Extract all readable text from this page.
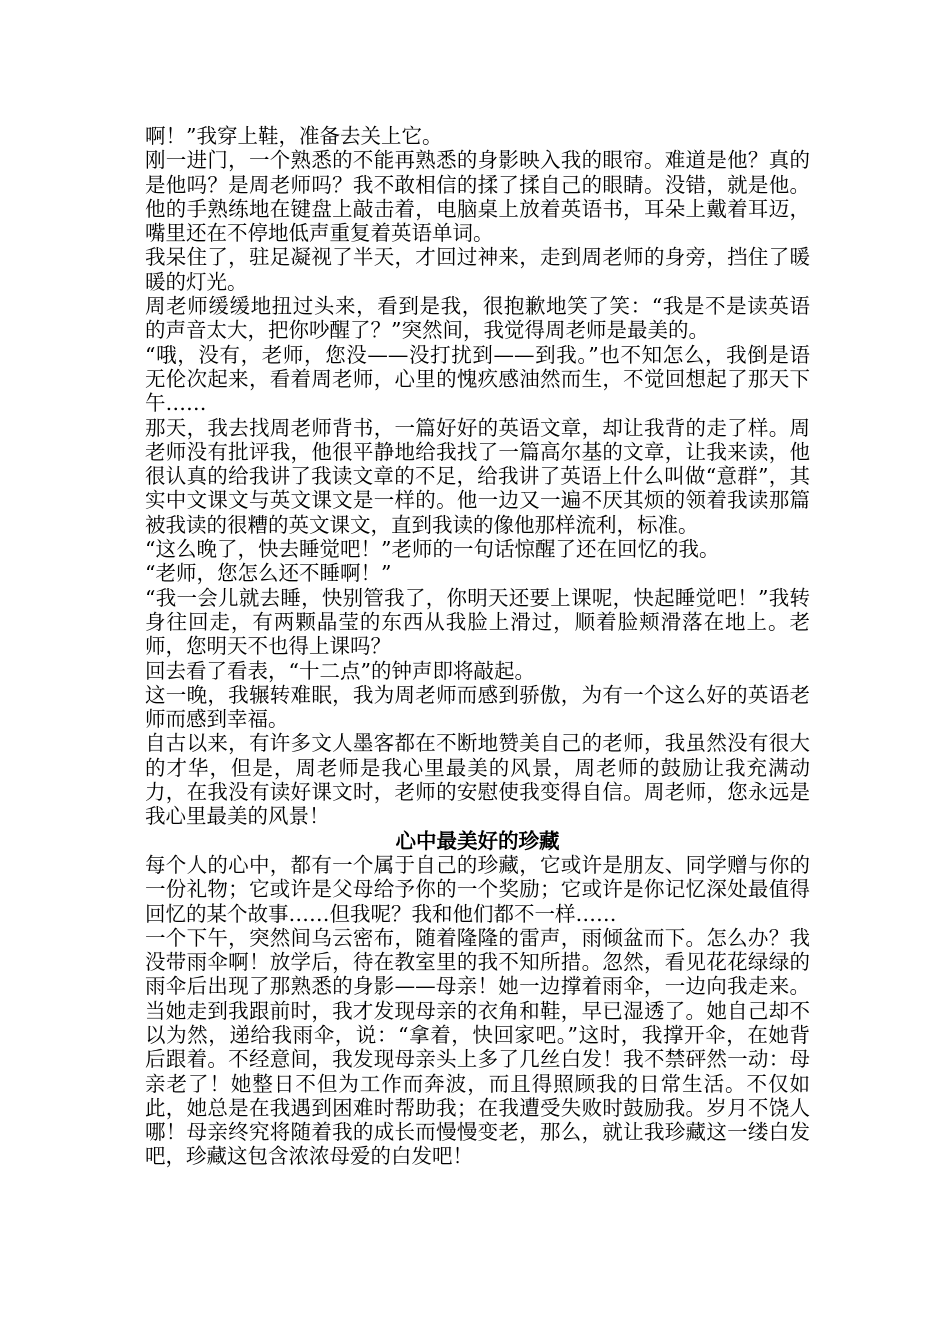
啊！”我穿上鞋，准备去关上它。

刚一进门，一个熟悉的不能再熟悉的身影映入我的眼帘。难道是他？真的是他吗？是周老师吗？我不敢相信的揉了揉自己的眼睛。没错，就是他。他的手熟练地在键盘上敲击着，电脑桌上放着英语书，耳朵上戴着耳迈，嘴里还在不停地低声重复着英语单词。

我呆住了，驻足凝视了半天，才回过神来，走到周老师的身旁，挡住了暖暖的灯光。

周老师缓缓地扭过头来，看到是我，很抱歉地笑了笑：“我是不是读英语的声音太大，把你吵醒了？”突然间，我觉得周老师是最美的。

“哦，没有，老师，您没——没打扰到——到我。”也不知怎么，我倒是语无伦次起来，看着周老师，心里的愧疚感油然而生，不觉回想起了那天下午……

那天，我去找周老师背书，一篇好好的英语文章，却让我背的走了样。周老师没有批评我，他很平静地给我找了一篇高尔基的文章，让我来读，他很认真的给我讲了我读文章的不足，给我讲了英语上什么叫做“意群”，其实中文课文与英文课文是一样的。他一边又一遍不厌其烦的领着我读那篇被我读的很糟的英文课文，直到我读的像他那样流利，标准。

“这么晚了，快去睡觉吧！”老师的一句话惊醒了还在回忆的我。

“老师，您怎么还不睡啊！”

“我一会儿就去睡，快别管我了，你明天还要上课呢，快起睡觉吧！”我转身往回走，有两颗晶莹的东西从我脸上滑过，顺着脸颊滑落在地上。老师，您明天不也得上课吗？

回去看了看表，“十二点”的钟声即将敲起。

这一晚，我辗转难眠，我为周老师而感到骄傲，为有一个这么好的英语老师而感到幸福。

自古以来，有许多文人墨客都在不断地赞美自己的老师，我虽然没有很大的才华，但是，周老师是我心里最美的风景，周老师的鼓励让我充满动力，在我没有读好课文时，老师的安慰使我变得自信。周老师，您永远是我心里最美的风景！

心中最美好的珍藏

每个人的心中，都有一个属于自己的珍藏，它或许是朋友、同学赠与你的一份礼物；它或许是父母给予你的一个奖励；它或许是你记忆深处最值得回忆的某个故事……但我呢？我和他们都不一样……

一个下午，突然间乌云密布，随着隆隆的雷声，雨倾盆而下。怎么办？我没带雨伞啊！放学后，待在教室里的我不知所措。忽然，看见花花绿绿的雨伞后出现了那熟悉的身影——母亲！她一边撑着雨伞，一边向我走来。当她走到我跟前时，我才发现母亲的衣角和鞋，早已湿透了。她自己却不以为然，递给我雨伞，说：“拿着，快回家吧。”这时，我撑开伞，在她背后跟着。不经意间，我发现母亲头上多了几丝白发！我不禁砰然一动：母亲老了！她整日不但为工作而奔波，而且得照顾我的日常生活。不仅如此，她总是在我遇到困难时帮助我；在我遭受失败时鼓励我。岁月不饶人哪！母亲终究将随着我的成长而慢慢变老，那么，就让我珍藏这一缕白发吧，珍藏这包含浓浓母爱的白发吧！
